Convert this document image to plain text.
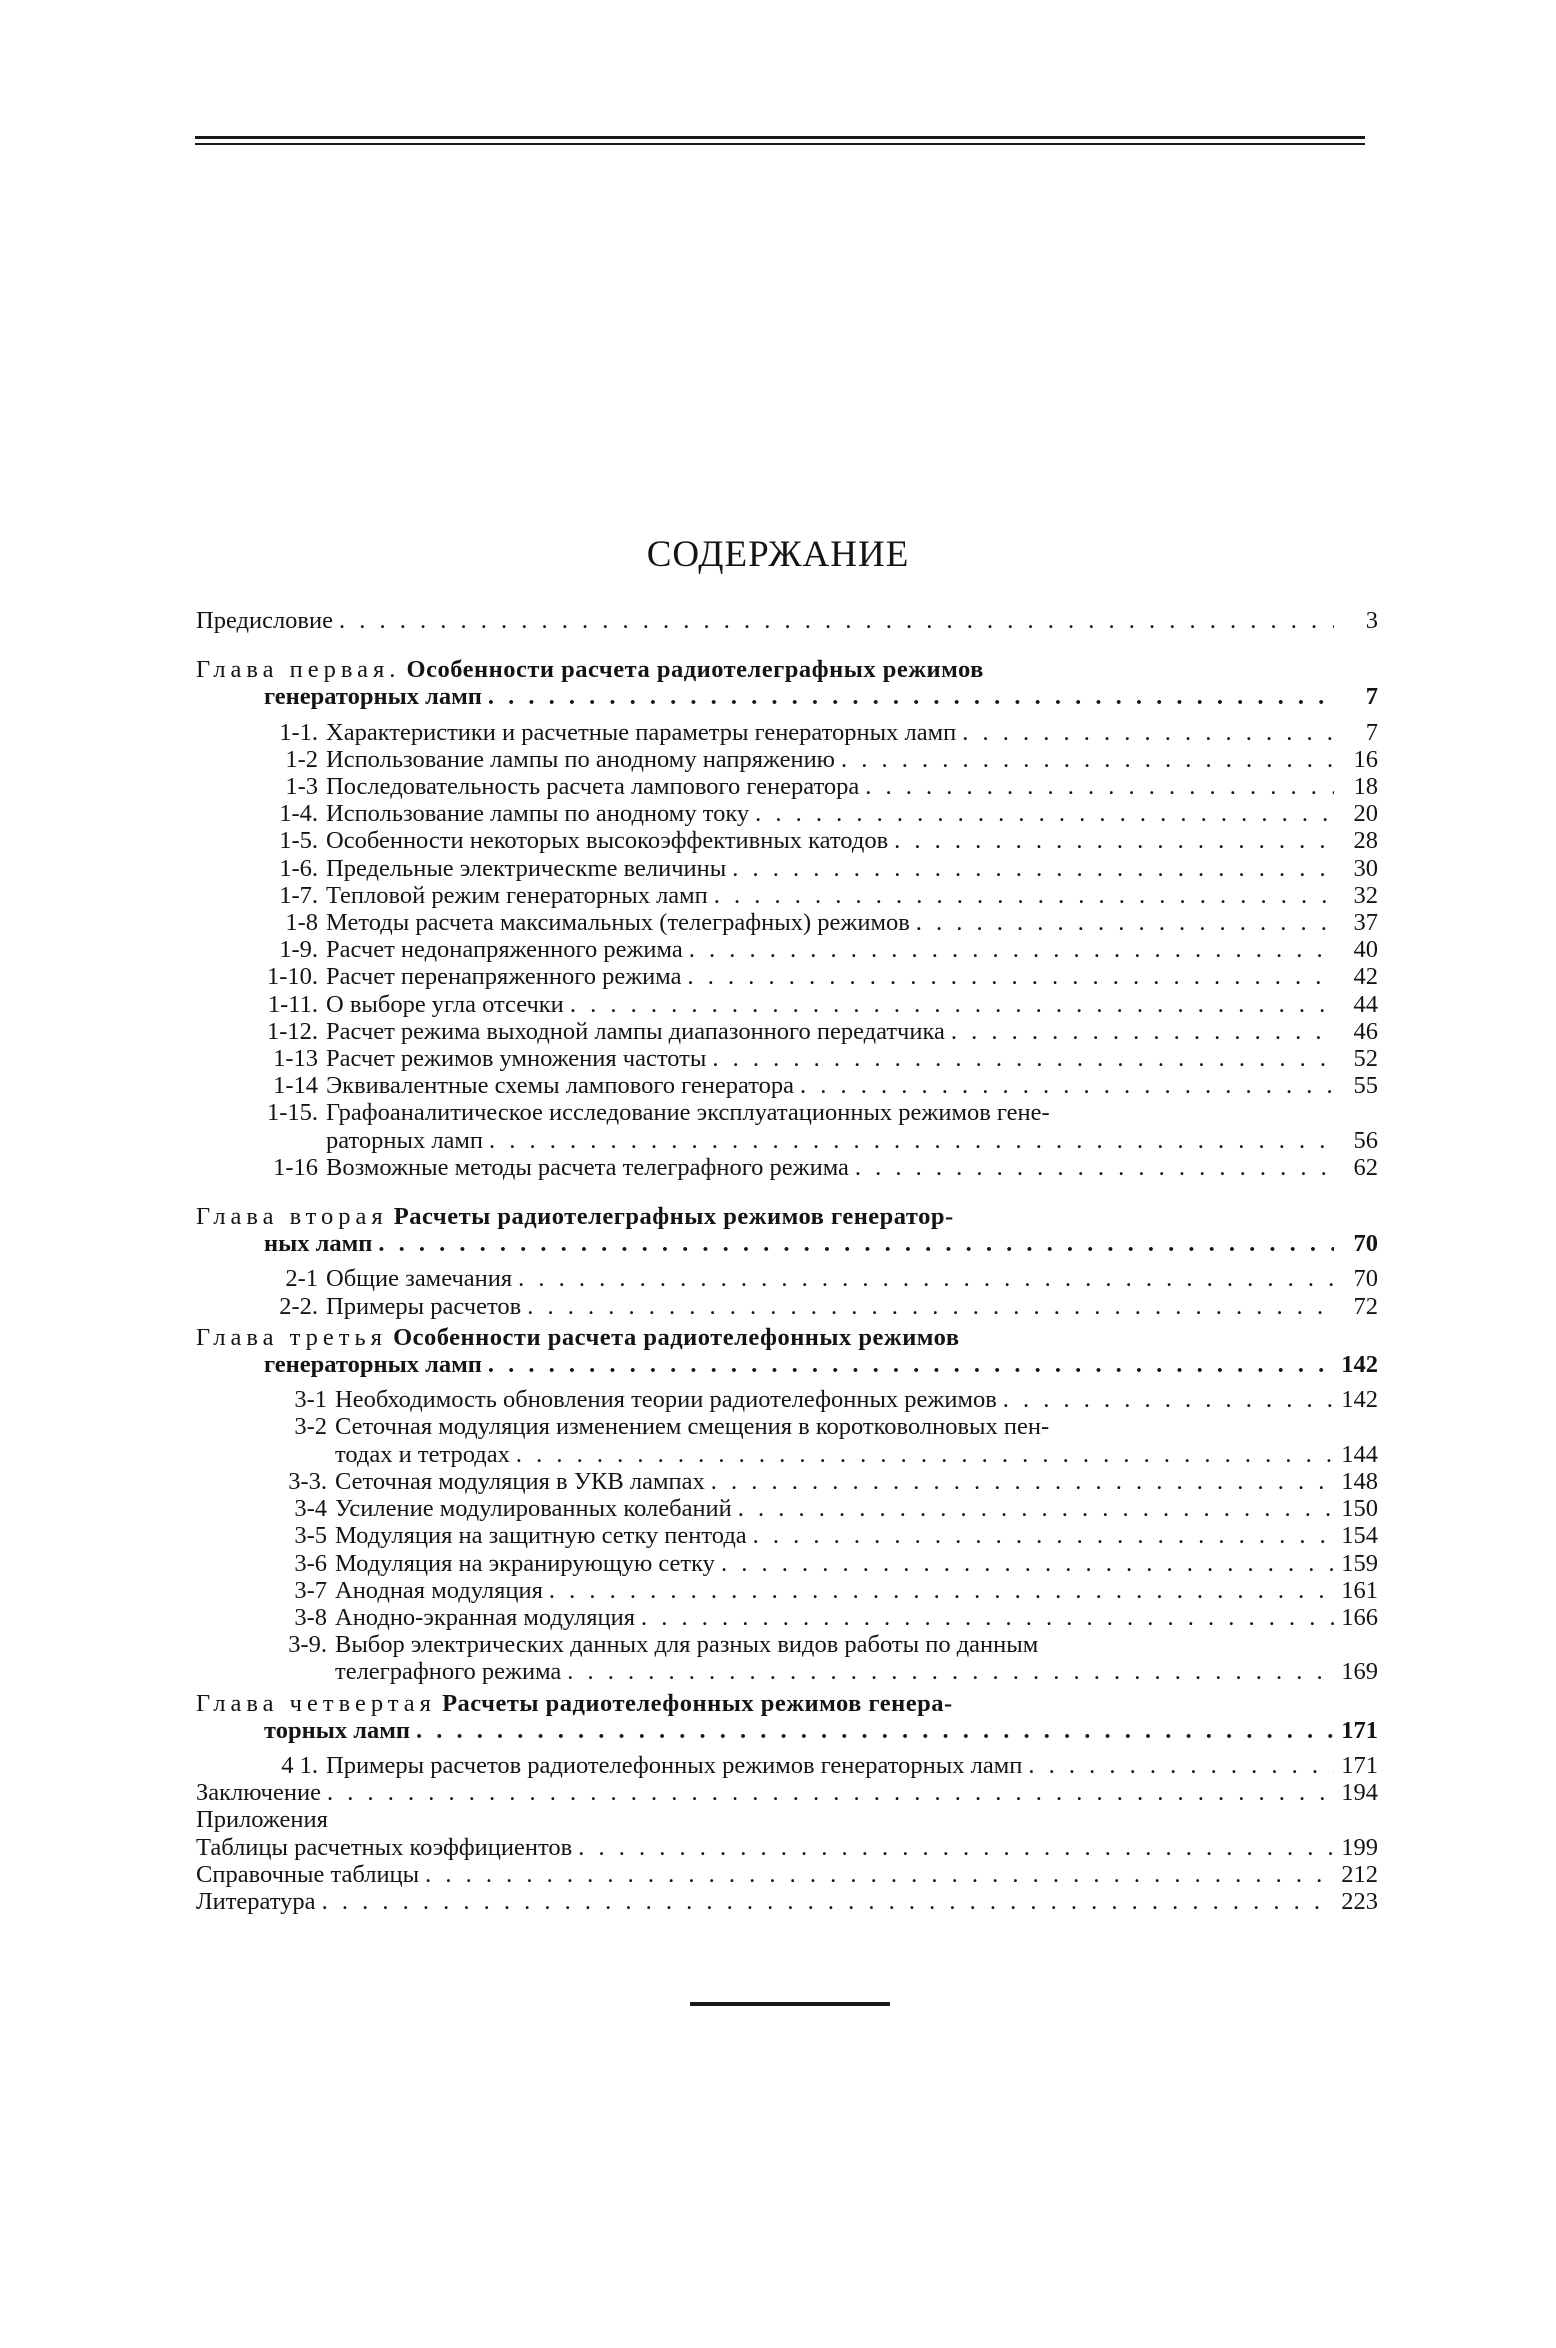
СОДЕРЖАНИЕ
Предисловие . . .	3
Глава первая. Особенности расчета радиотелеграфных режимов
генераторных ламп . . .	7
1-1. Характеристики и расчетные параметры генераторных ламп . . .	7
1-2 Использование лампы по анодному напряжению . . .	16
1-3 Последовательность расчета лампового генератора . . .	18
1-4. Использование лампы по анодному току . . .	20
1-5. Особенности некоторых высокоэффективных катодов . . .	28
1-6. Предельные электрическme величины . . .	30
1-7. Тепловой режим генераторных ламп . . .	32
1-8 Методы расчета максимальных (телеграфных) режимов . . .	37
1-9. Расчет недонапряженного режима . . .	40
1-10. Расчет перенапряженного режима . . .	42
1-11. О выборе угла отсечки . . .	44
1-12. Расчет режима выходной лампы диапазонного передатчика . . .	46
1-13 Расчет режимов умножения частоты . . .	52
1-14 Эквивалентные схемы лампового генератора . . .	55
1-15. Графоаналитическое исследование эксплуатационных режимов гене-
раторных ламп . . .	56
1-16 Возможные методы расчета телеграфного режима . . .	62
Глава вторая Расчеты радиотелеграфных режимов генератор-
ных ламп . . .	70
2-1 Общие замечания . . .	70
2-2. Примеры расчетов . . .	72
Глава третья Особенности расчета радиотелефонных режимов
генераторных ламп . . .	142
3-1 Необходимость обновления теории радиотелефонных режимов . . .	142
3-2 Сеточная модуляция изменением смещения в коротковолновых пен-
тодах и тетродах . . .	144
3-3. Сеточная модуляция в УКВ лампах . . .	148
3-4 Усиление модулированных колебаний . . .	150
3-5 Модуляция на защитную сетку пентода . . .	154
3-6 Модуляция на экранирующую сетку . . .	159
3-7 Анодная модуляция . . .	161
3-8 Анодно-экранная модуляция . . .	166
3-9. Выбор электрических данных для разных видов работы по данным
телеграфного режима . . .	169
Глава четвертая Расчеты радиотелефонных режимов генера-
торных ламп . . .	171
4 1. Примеры расчетов радиотелефонных режимов генераторных ламп . . .	171
Заключение . . .	194
Приложения
Таблицы расчетных коэффициентов . . .	199
Справочные таблицы . . .	212
Литература . . .	223
